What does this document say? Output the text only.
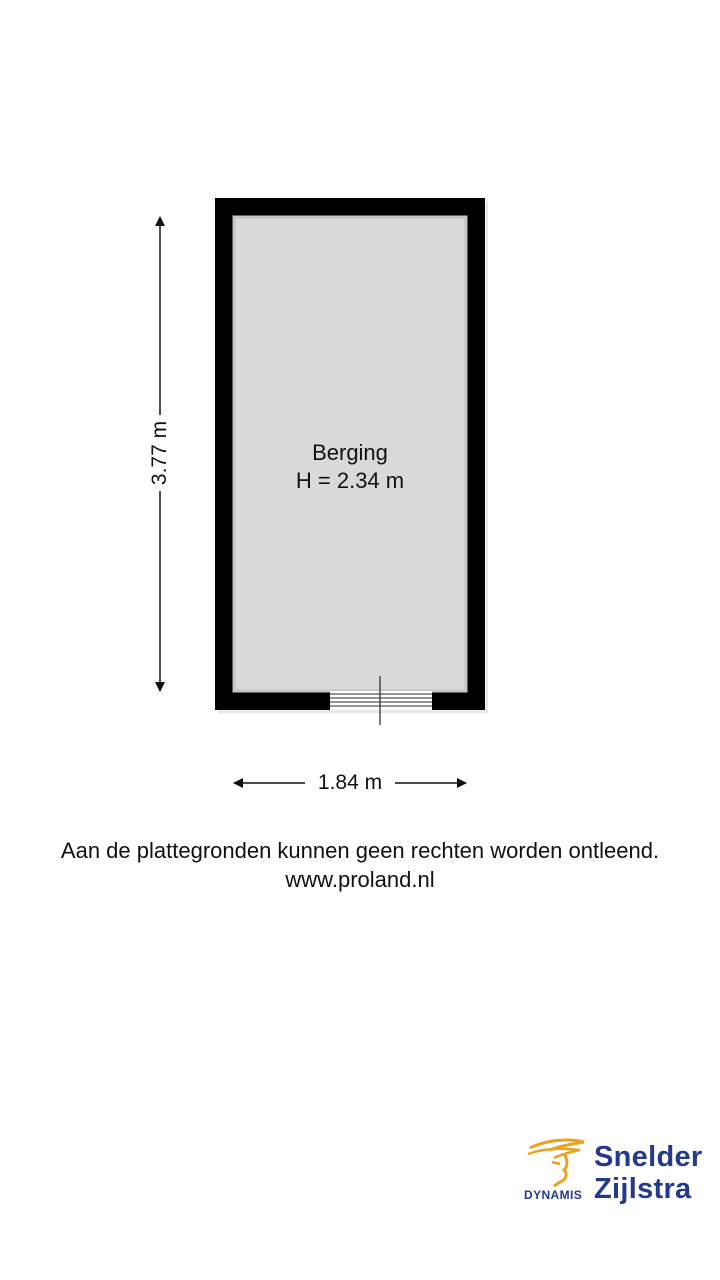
Berging
H = 2.34 m
3.77 m
1.84 m
Aan de plattegronden kunnen geen rechten worden ontleend.
www.proland.nl
DYNAMIS
Snelder
Zijlstra
